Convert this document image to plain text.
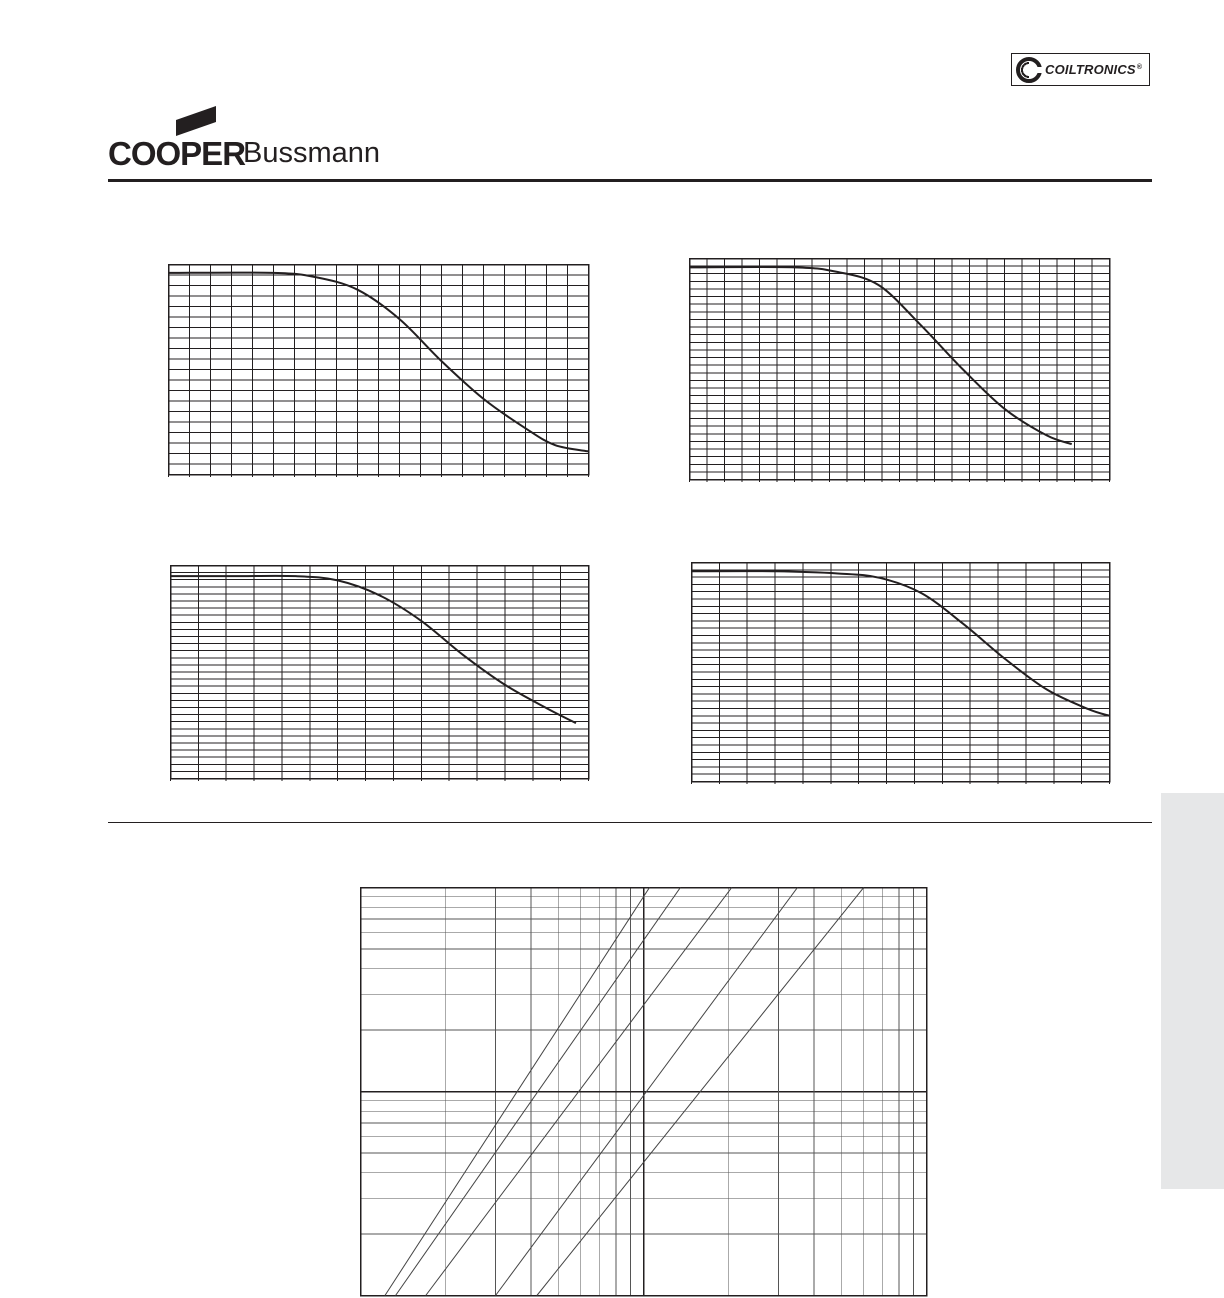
COILTRONICS®
COOPER
Bussmann
